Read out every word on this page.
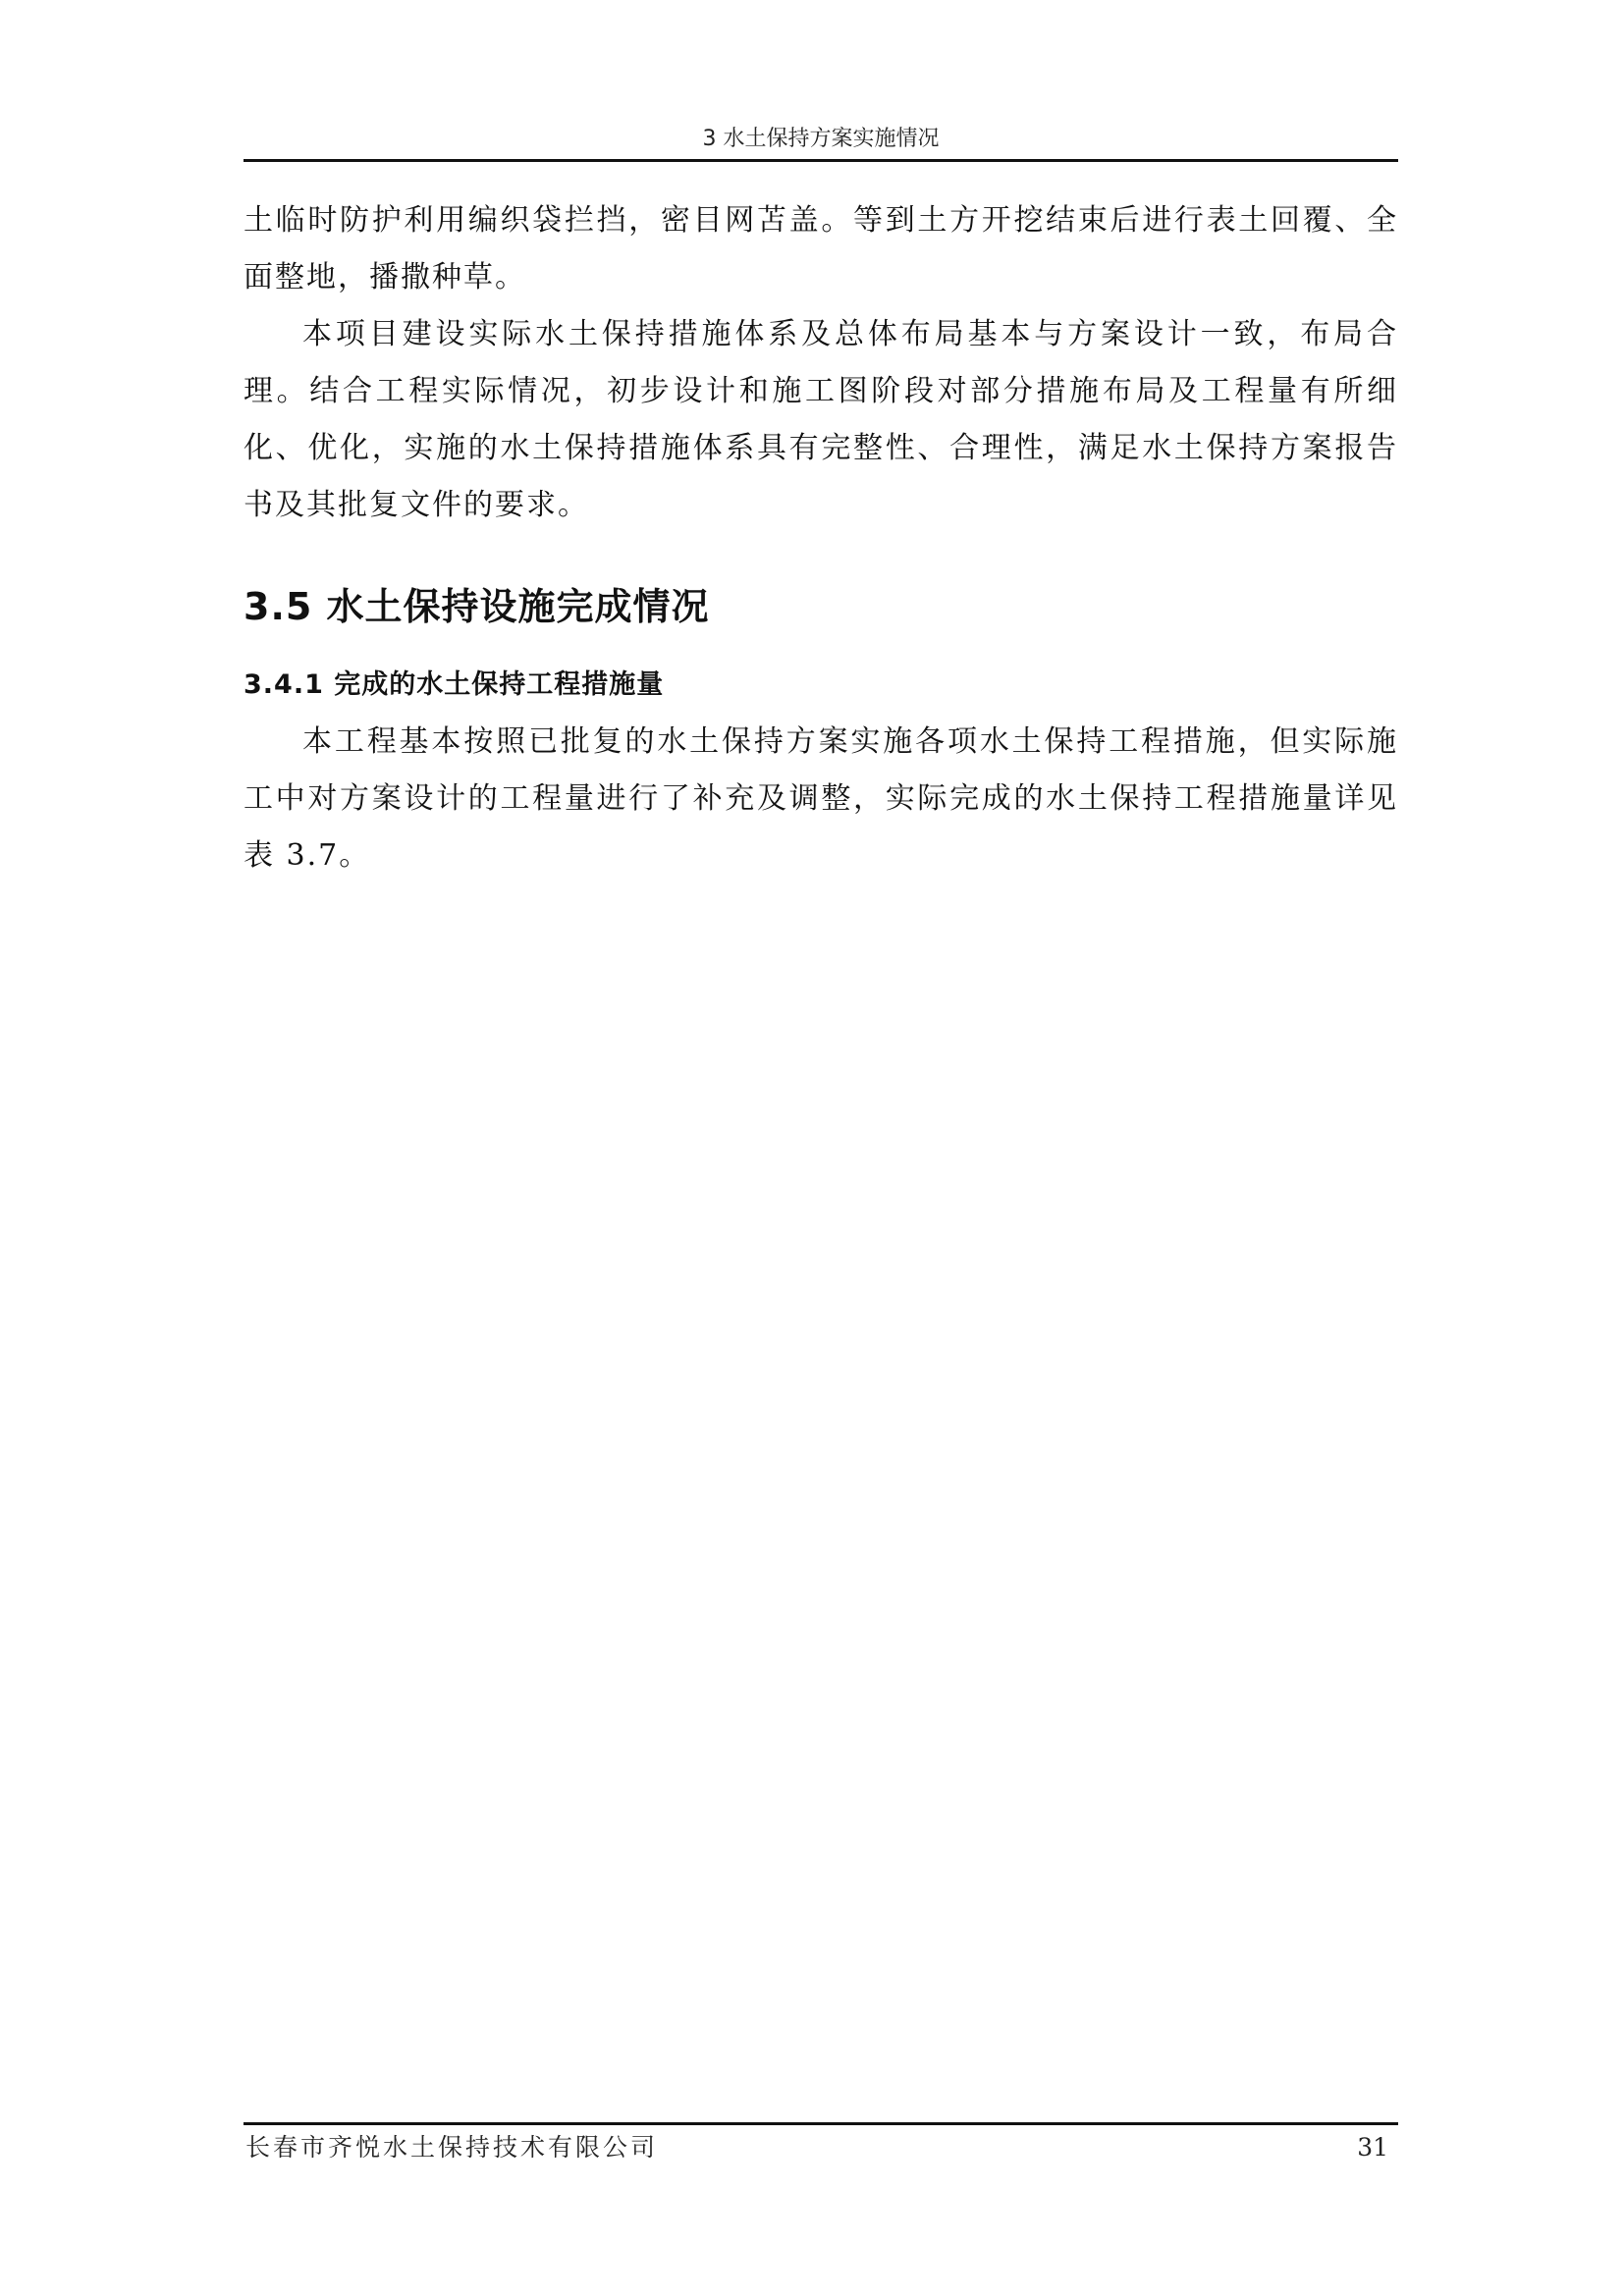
3 水土保持方案实施情况

土临时防护利用编织袋拦挡，密目网苫盖。等到土方开挖结束后进行表土回覆、全面整地，播撒种草。

本项目建设实际水土保持措施体系及总体布局基本与方案设计一致，布局合理。结合工程实际情况，初步设计和施工图阶段对部分措施布局及工程量有所细化、优化，实施的水土保持措施体系具有完整性、合理性，满足水土保持方案报告书及其批复文件的要求。

3.5 水土保持设施完成情况
3.4.1 完成的水土保持工程措施量

本工程基本按照已批复的水土保持方案实施各项水土保持工程措施，但实际施工中对方案设计的工程量进行了补充及调整，实际完成的水土保持工程措施量详见表 3.7。

长春市齐悦水土保持技术有限公司	31
